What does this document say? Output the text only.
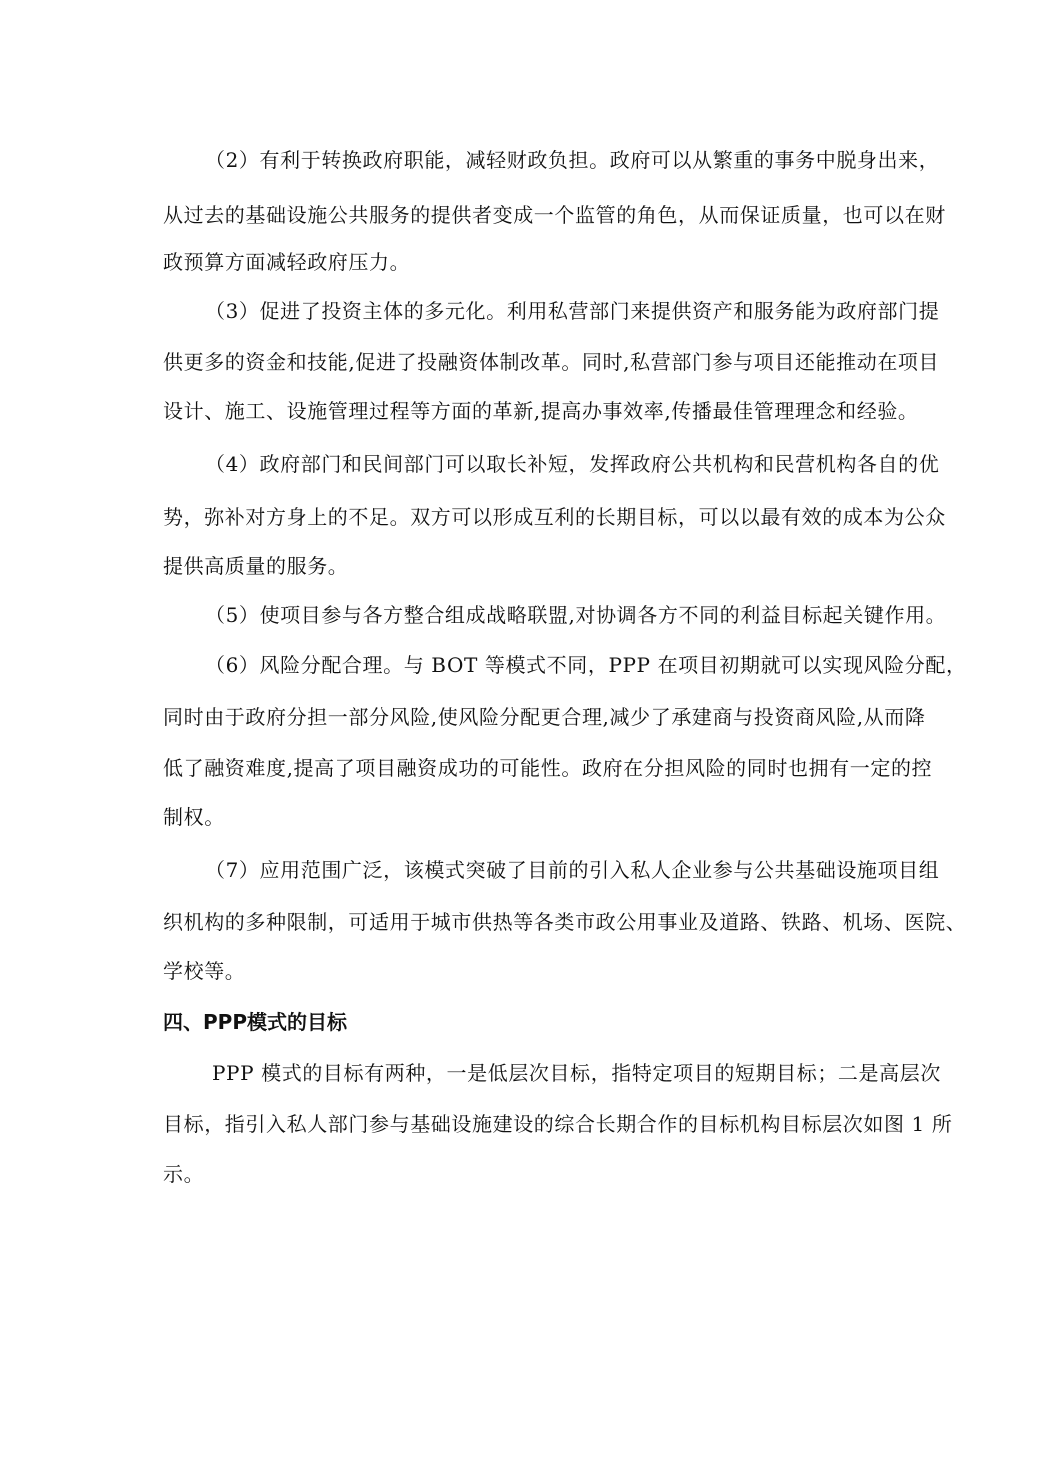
（2）有利于转换政府职能，减轻财政负担。政府可以从繁重的事务中脱身出来，
从过去的基础设施公共服务的提供者变成一个监管的角色，从而保证质量，也可以在财
政预算方面减轻政府压力。
（3）促进了投资主体的多元化。利用私营部门来提供资产和服务能为政府部门提
供更多的资金和技能,促进了投融资体制改革。同时,私营部门参与项目还能推动在项目
设计、施工、设施管理过程等方面的革新,提高办事效率,传播最佳管理理念和经验。
（4）政府部门和民间部门可以取长补短，发挥政府公共机构和民营机构各自的优
势，弥补对方身上的不足。双方可以形成互利的长期目标，可以以最有效的成本为公众
提供高质量的服务。
（5）使项目参与各方整合组成战略联盟,对协调各方不同的利益目标起关键作用。
（6）风险分配合理。与 BOT 等模式不同，PPP 在项目初期就可以实现风险分配，
同时由于政府分担一部分风险,使风险分配更合理,减少了承建商与投资商风险,从而降
低了融资难度,提高了项目融资成功的可能性。政府在分担风险的同时也拥有一定的控
制权。
（7）应用范围广泛，该模式突破了目前的引入私人企业参与公共基础设施项目组
织机构的多种限制，可适用于城市供热等各类市政公用事业及道路、铁路、机场、医院、
学校等。
四、PPP模式的目标
PPP 模式的目标有两种，一是低层次目标，指特定项目的短期目标；二是高层次
目标，指引入私人部门参与基础设施建设的综合长期合作的目标机构目标层次如图 1 所
示。
